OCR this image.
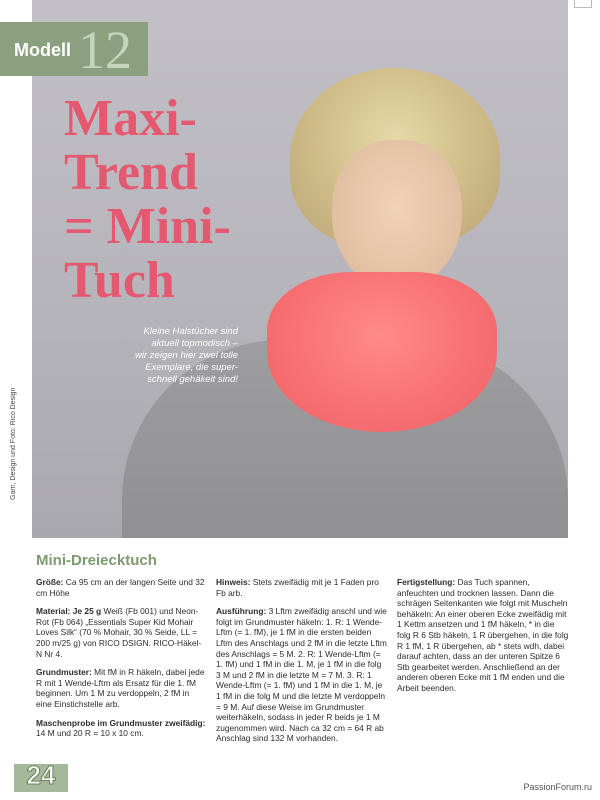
Modell 12
Maxi-
Trend
= Mini-
Tuch
Kleine Halstücher sind
aktuell topmodisch –
wir zeigen hier zwei tolle
Exemplare, die super-
schnell gehäkelt sind!
Garn, Design und Foto: Rico Design
Mini-Dreiecktuch

Größe: Ca 95 cm an der langen Seite und 32 cm Höhe

Material: Je 25 g Weiß (Fb 001) und Neon-Rot (Fb 064) „Essentials Super Kid Mohair Loves Silk“ (70 % Mohair, 30 % Seide, LL = 200 m/25 g) von RICO DSIGN. RICO-Häkel-N Nr 4.

Grundmuster: Mit fM in R häkeln, dabei jede R mit 1 Wende-Lftm als Ersatz für die 1. fM beginnen. Um 1 M zu verdoppeln, 2 fM in eine Einstichstelle arb.

Maschenprobe im Grundmuster zweifädig: 14 M und 20 R = 10 x 10 cm.

Hinweis: Stets zweifädig mit je 1 Faden pro Fb arb.

Ausführung: 3 Lftm zweifädig anschl und wie folgt im Grundmuster häkeln: 1. R: 1 Wende-Lftm (= 1. fM), je 1 fM in die ersten beiden Lftm des Anschlags und 2 fM in die letzte Lftm des Anschlags = 5 M. 2. R: 1 Wende-Lftm (= 1. fM) und 1 fM in die 1. M, je 1 fM in die folg 3 M und 2 fM in die letzte M = 7 M. 3. R: 1 Wende-Lftm (= 1. fM) und 1 fM in die 1. M, je 1 fM in die folg M und die letzte M verdoppeln = 9 M. Auf diese Weise im Grundmuster weiterhäkeln, sodass in jeder R beids je 1 M zugenommen wird. Nach ca 32 cm = 64 R ab Anschlag sind 132 M vorhanden.

Fertigstellung: Das Tuch spannen, anfeuchten und trocknen lassen. Dann die schrägen Seitenkanten wie folgt mit Muscheln behäkeln: An einer oberen Ecke zweifädig mit 1 Kettm ansetzen und 1 fM häkeln, * in die folg R 6 Stb häkeln, 1 R übergehen, in die folg R 1 fM, 1 R übergehen, ab * stets wdh, dabei darauf achten, dass an der unteren Spitze 6 Stb gearbeitet werden. Anschließend an der anderen oberen Ecke mit 1 fM enden und die Arbeit beenden.

24	PassionForum.ru
